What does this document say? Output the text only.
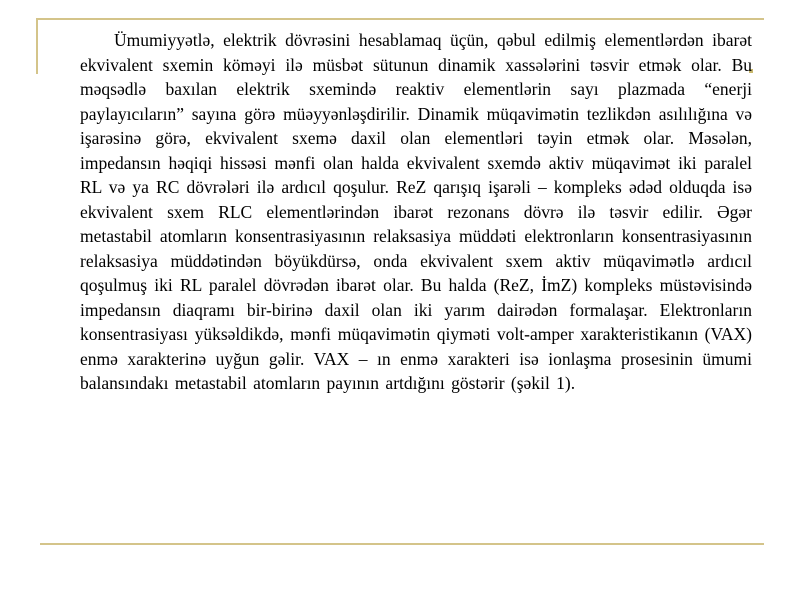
Ümumiyyətlə, elektrik dövrəsini hesablamaq üçün, qəbul edilmiş elementlərdən ibarət ekvivalent sxemin köməyi ilə müsbət sütunun dinamik xassələrini təsvir etmək olar. Bu məqsədlə baxılan elektrik sxemində reaktiv elementlərin sayı plazmada “enerji paylayıcıların” sayına görə müəyyənləşdirilir. Dinamik müqavimətin tezlikdən asılılığına və işarəsinə görə, ekvivalent sxemə daxil olan elementləri təyin etmək olar. Məsələn, impedansın həqiqi hissəsi mənfi olan halda ekvivalent sxemdə aktiv müqavimət iki paralel RL və ya RC dövrələri ilə ardıcıl qoşulur. ReZ qarışıq işarəli – kompleks ədəd olduqda isə ekvivalent sxem RLC elementlərindən ibarət rezonans dövrə ilə təsvir edilir. Əgər metastabil atomların konsentrasiyasının relaksasiya müddəti elektronların konsentrasiyasının relaksasiya müddətindən böyükdürsə, onda ekvivalent sxem aktiv müqavimətlə ardıcıl qoşulmuş iki RL paralel dövrədən ibarət olar. Bu halda (ReZ, İmZ) kompleks müstəvisində impedansın diaqramı bir-birinə daxil olan iki yarım dairədən formalaşar. Elektronların konsentrasiyası yüksəldikdə, mənfi müqavimətin qiyməti volt-amper xarakteristikanın (VAX) enmə xarakterinə uyğun gəlir. VAX – ın enmə xarakteri isə ionlaşma prosesinin ümumi balansındakı metastabil atomların payının artdığını göstərir (şəkil 1).
